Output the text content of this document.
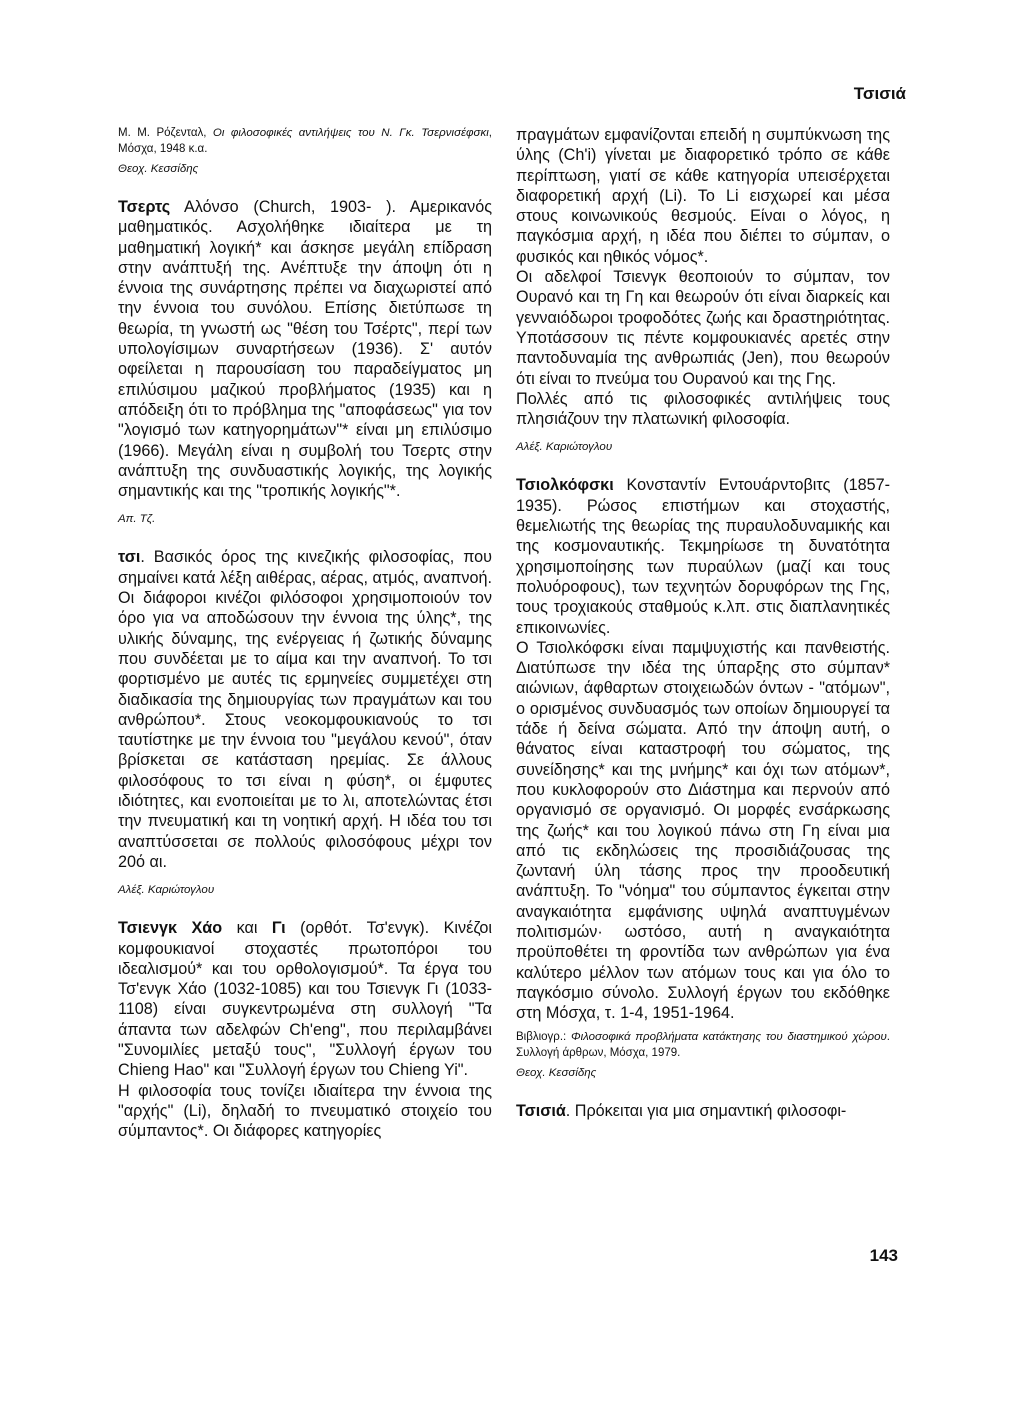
Τσισιά

Μ. Μ. Ρόζενταλ, Οι φιλοσοφικές αντιλήψεις του Ν. Γκ. Τσερνισέφσκι, Μόσχα, 1948 κ.α.

Θεοχ. Κεσσίδης

Τσερτς Αλόνσο (Church, 1903- ). Αμερικανός μαθηματικός. Ασχολήθηκε ιδιαίτερα με τη μαθηματική λογική* και άσκησε μεγάλη επίδραση στην ανάπτυξή της. Ανέπτυξε την άποψη ότι η έννοια της συνάρτησης πρέπει να διαχωριστεί από την έννοια του συνόλου. Επίσης διετύπωσε τη θεωρία, τη γνωστή ως "θέση του Τσέρτς", περί των υπολογίσιμων συναρτήσεων (1936). Σ' αυτόν οφείλεται η παρουσίαση του παραδείγματος μη επιλύσιμου μαζικού προβλήματος (1935) και η απόδειξη ότι το πρόβλημα της "αποφάσεως" για τον "λογισμό των κατηγορημάτων"* είναι μη επιλύσιμο (1966). Μεγάλη είναι η συμβολή του Τσερτς στην ανάπτυξη της συνδυαστικής λογικής, της λογικής σημαντικής και της "τροπικής λογικής"*.

Απ. Τζ.

τσι. Βασικός όρος της κινεζικής φιλοσοφίας, που σημαίνει κατά λέξη αιθέρας, αέρας, ατμός, αναπνοή. Οι διάφοροι κινέζοι φιλόσοφοι χρησιμοποιούν τον όρο για να αποδώσουν την έννοια της ύλης*, της υλικής δύναμης, της ενέργειας ή ζωτικής δύναμης που συνδέεται με το αίμα και την αναπνοή. Το τσι φορτισμένο με αυτές τις ερμηνείες συμμετέχει στη διαδικασία της δημιουργίας των πραγμάτων και του ανθρώπου*. Στους νεοκομφουκιανούς το τσι ταυτίστηκε με την έννοια του "μεγάλου κενού", όταν βρίσκεται σε κατάσταση ηρεμίας. Σε άλλους φιλοσόφους το τσι είναι η φύση*, οι έμφυτες ιδιότητες, και ενοποιείται με το λι, αποτελώντας έτσι την πνευματική και τη νοητική αρχή. Η ιδέα του τσι αναπτύσσεται σε πολλούς φιλοσόφους μέχρι τον 20ό αι.

Αλέξ. Καριώτογλου

Τσιενγκ Χάο και Γι (ορθότ. Τσ'ενγκ). Κινέζοι κομφουκιανοί στοχαστές πρωτοπόροι του ιδεαλισμού* και του ορθολογισμού*. Τα έργα του Τσ'ενγκ Χάο (1032-1085) και του Τσιενγκ Γι (1033-1108) είναι συγκεντρωμένα στη συλλογή "Τα άπαντα των αδελφών Ch'eng", που περιλαμβάνει "Συνομιλίες μεταξύ τους", "Συλλογή έργων του Chieng Hao" και "Συλλογή έργων του Chieng Yi".

Η φιλοσοφία τους τονίζει ιδιαίτερα την έννοια της "αρχής" (Li), δηλαδή το πνευματικό στοιχείο του σύμπαντος*. Οι διάφορες κατηγορίες

πραγμάτων εμφανίζονται επειδή η συμπύκνωση της ύλης (Ch'i) γίνεται με διαφορετικό τρόπο σε κάθε περίπτωση, γιατί σε κάθε κατηγορία υπεισέρχεται διαφορετική αρχή (Li). Το Li εισχωρεί και μέσα στους κοινωνικούς θεσμούς. Είναι ο λόγος, η παγκόσμια αρχή, η ιδέα που διέπει το σύμπαν, ο φυσικός και ηθικός νόμος*.

Οι αδελφοί Τσιενγκ θεοποιούν το σύμπαν, τον Ουρανό και τη Γη και θεωρούν ότι είναι διαρκείς και γενναιόδωροι τροφοδότες ζωής και δραστηριότητας. Υποτάσσουν τις πέντε κομφουκιανές αρετές στην παντοδυναμία της ανθρωπιάς (Jen), που θεωρούν ότι είναι το πνεύμα του Ουρανού και της Γης.

Πολλές από τις φιλοσοφικές αντιλήψεις τους πλησιάζουν την πλατωνική φιλοσοφία.

Αλέξ. Καριώτογλου

Τσιολκόφσκι Κονσταντίν Εντουάρντοβιτς (1857-1935). Ρώσος επιστήμων και στοχαστής, θεμελιωτής της θεωρίας της πυραυλοδυναμικής και της κοσμοναυτικής. Τεκμηρίωσε τη δυνατότητα χρησιμοποίησης των πυραύλων (μαζί και τους πολυόροφους), των τεχνητών δορυφόρων της Γης, τους τροχιακούς σταθμούς κ.λπ. στις διαπλανητικές επικοινωνίες.

Ο Τσιολκόφσκι είναι παμψυχιστής και πανθειστής. Διατύπωσε την ιδέα της ύπαρξης στο σύμπαν* αιώνιων, άφθαρτων στοιχειωδών όντων - "ατόμων", ο ορισμένος συνδυασμός των οποίων δημιουργεί τα τάδε ή δείνα σώματα. Από την άποψη αυτή, ο θάνατος είναι καταστροφή του σώματος, της συνείδησης* και της μνήμης* και όχι των ατόμων*, που κυκλοφορούν στο Διάστημα και περνούν από οργανισμό σε οργανισμό. Οι μορφές ενσάρκωσης της ζωής* και του λογικού πάνω στη Γη είναι μια από τις εκδηλώσεις της προσιδιάζουσας της ζωντανή ύλη τάσης προς την προοδευτική ανάπτυξη. Το "νόημα" του σύμπαντος έγκειται στην αναγκαιότητα εμφάνισης υψηλά αναπτυγμένων πολιτισμών· ωστόσο, αυτή η αναγκαιότητα προϋποθέτει τη φροντίδα των ανθρώπων για ένα καλύτερο μέλλον των ατόμων τους και για όλο το παγκόσμιο σύνολο. Συλλογή έργων του εκδόθηκε στη Μόσχα, τ. 1-4, 1951-1964.

Βιβλιογρ.: Φιλοσοφικά προβλήματα κατάκτησης του διαστημικού χώρου. Συλλογή άρθρων, Μόσχα, 1979.

Θεοχ. Κεσσίδης

Τσισιά. Πρόκειται για μια σημαντική φιλοσοφι-

143
